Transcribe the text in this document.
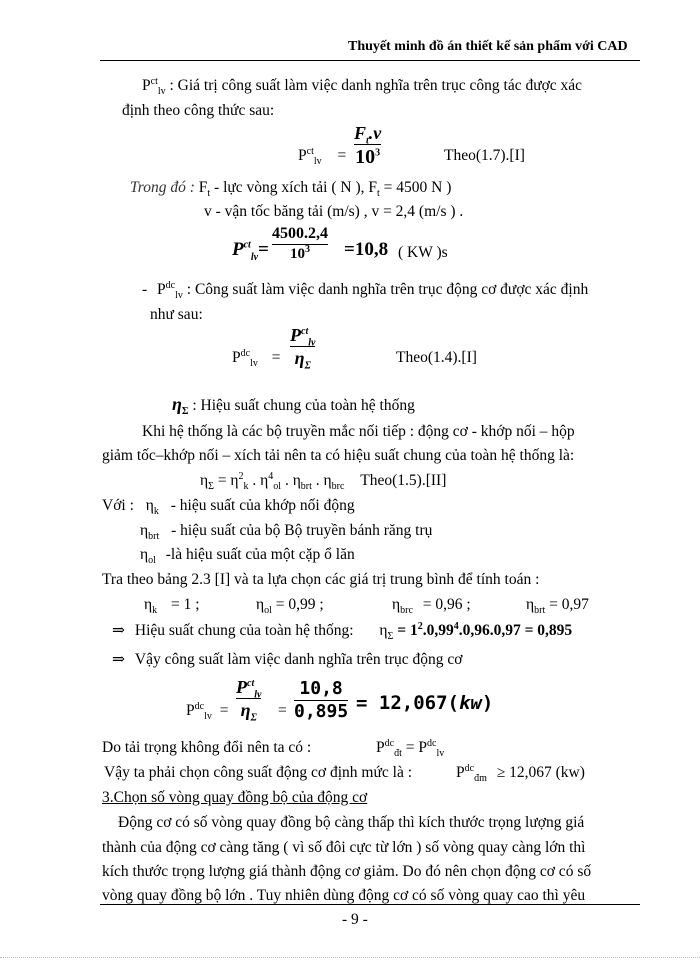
Thuyết minh đồ án thiết kế sản phẩm với CAD
$P^{ct}_{lv}$ : Giá trị công suất làm việc danh nghĩa trên trục công tác được xác
định theo công thức sau:
$P^{ct}_{lv}$ =
$F_t.v$
$10^3$	Theo(1.7).[I]
Trong đó : $F_t$ - lực vòng xích tải ( N ), $F_t = 4500$ N )
v - vận tốc băng tải (m/s) , v = 2,4 (m/s ) .
$P^{ct}_{lv}$ =
4500.2,4
$10^3 =10,8$ ( KW )s
- $P^{dc}_{lv}$ : Công suất làm việc danh nghĩa trên trục động cơ được xác định
như sau:
$P^{dc}_{lv}$ =
$P^{ct}_{lv}$
$\eta_\Sigma$
Theo(1.4).[I]
$\eta_\Sigma$ : Hiệu suất chung của toàn hệ thống
Khi hệ thống là các bộ truyền mắc nối tiếp : động cơ - khớp nối – hộp
giảm tốc–khớp nối – xích tải nên ta có hiệu suất chung của toàn hệ thống là:
$\eta_\Sigma = \eta^2_k$ . $\eta^4_{ol}$ . $\eta_{brt}$ . $\eta_{brc}$ Theo(1.5).[II]
Với : $\eta_k$ - hiệu suất của khớp nối động
$\eta_{brt}$ - hiệu suất của bộ Bộ truyền bánh răng trụ
$\eta_{ol}$ -là hiệu suất của một cặp ổ lăn
Tra theo bảng 2.3 [I] và ta lựa chọn các giá trị trung bình để tính toán :
$\eta_k = 1$ ;	$\eta_{ol} = 0,99$ ;	$\eta_{brc} = 0,96$ ;	$\eta_{brt} = 0,97$
⇒ Hiệu suất chung của toàn hệ thống: $\eta_\Sigma = 1^2.0,99^4.0,96.0,97 = 0,895$
⇒ Vậy công suất làm việc danh nghĩa trên trục động cơ
$P^{dc}_{lv}$ =
$P^{ct}_{lv}$
$\eta_\Sigma$ =
10,8
0,895 = 12,067(kw)
Do tải trọng không đổi nên ta có :	$P^{dc}_{đt} = P^{dc}_{lv}$
Vậy ta phải chọn công suất động cơ định mức là :	$P^{dc}_{đm} \ge 12,067$ (kw)
3.Chọn số vòng quay đồng bộ của động cơ
Động cơ có số vòng quay đồng bộ càng thấp thì kích thước trọng lượng giá
thành của động cơ càng tăng ( vì số đôi cực từ lớn ) số vòng quay càng lớn thì
kích thước trọng lượng giá thành động cơ giảm. Do đó nên chọn động cơ có số
vòng quay đồng bộ lớn . Tuy nhiên dùng động cơ có số vòng quay cao thì yêu
- 9 -
